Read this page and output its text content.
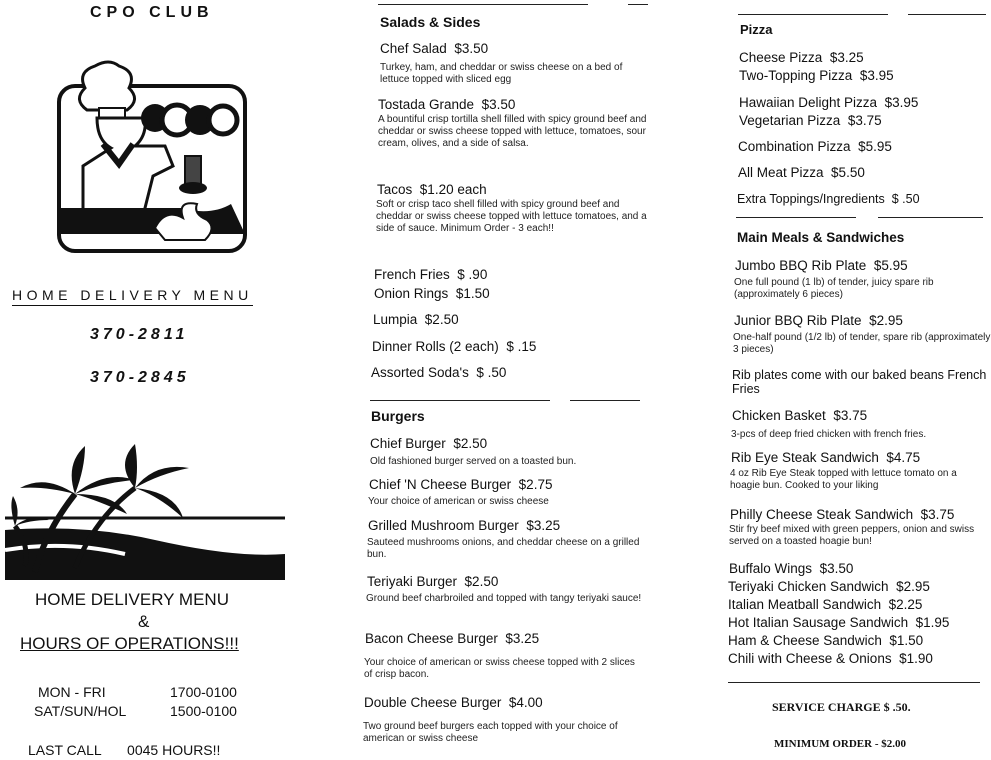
CPO CLUB
HOME DELIVERY MENU
370-2811
370-2845
HOME DELIVERY MENU
&
HOURS OF OPERATIONS!!!
MON - FRI	1700-0100
SAT/SUN/HOL	1500-0100
LAST CALL 0045 HOURS!!
Salads & Sides
Chef Salad $3.50
Turkey, ham, and cheddar or swiss cheese on a bed of lettuce topped with sliced egg
Tostada Grande $3.50
A bountiful crisp tortilla shell filled with spicy ground beef and cheddar or swiss cheese topped with lettuce, tomatoes, sour cream, olives, and a side of salsa.
Tacos $1.20 each
Soft or crisp taco shell filled with spicy ground beef and cheddar or swiss cheese topped with lettuce tomatoes, and a side of sauce. Minimum Order - 3 each!!
French Fries $ .90
Onion Rings $1.50
Lumpia $2.50
Dinner Rolls (2 each) $ .15
Assorted Soda's $ .50
Burgers
Chief Burger $2.50
Old fashioned burger served on a toasted bun.
Chief 'N Cheese Burger $2.75
Your choice of american or swiss cheese
Grilled Mushroom Burger $3.25
Sauteed mushrooms onions, and cheddar cheese on a grilled bun.
Teriyaki Burger $2.50
Ground beef charbroiled and topped with tangy teriyaki sauce!
Bacon Cheese Burger $3.25
Your choice of american or swiss cheese topped with 2 slices of crisp bacon.
Double Cheese Burger $4.00
Two ground beef burgers each topped with your choice of american or swiss cheese
Pizza
Cheese Pizza $3.25
Two-Topping Pizza $3.95
Hawaiian Delight Pizza $3.95
Vegetarian Pizza $3.75
Combination Pizza $5.95
All Meat Pizza $5.50
Extra Toppings/Ingredients $ .50
Main Meals & Sandwiches
Jumbo BBQ Rib Plate $5.95
One full pound (1 lb) of tender, juicy spare rib (approximately 6 pieces)
Junior BBQ Rib Plate $2.95
One-half pound (1/2 lb) of tender, spare rib (approximately 3 pieces)
Rib plates come with our baked beans French Fries
Chicken Basket $3.75
3-pcs of deep fried chicken with french fries.
Rib Eye Steak Sandwich $4.75
4 oz Rib Eye Steak topped with lettuce tomato on a hoagie bun. Cooked to your liking
Philly Cheese Steak Sandwich $3.75
Stir fry beef mixed with green peppers, onion and swiss served on a toasted hoagie bun!
Buffalo Wings $3.50
Teriyaki Chicken Sandwich $2.95
Italian Meatball Sandwich $2.25
Hot Italian Sausage Sandwich $1.95
Ham & Cheese Sandwich $1.50
Chili with Cheese & Onions $1.90
SERVICE CHARGE $ .50.
MINIMUM ORDER - $2.00
